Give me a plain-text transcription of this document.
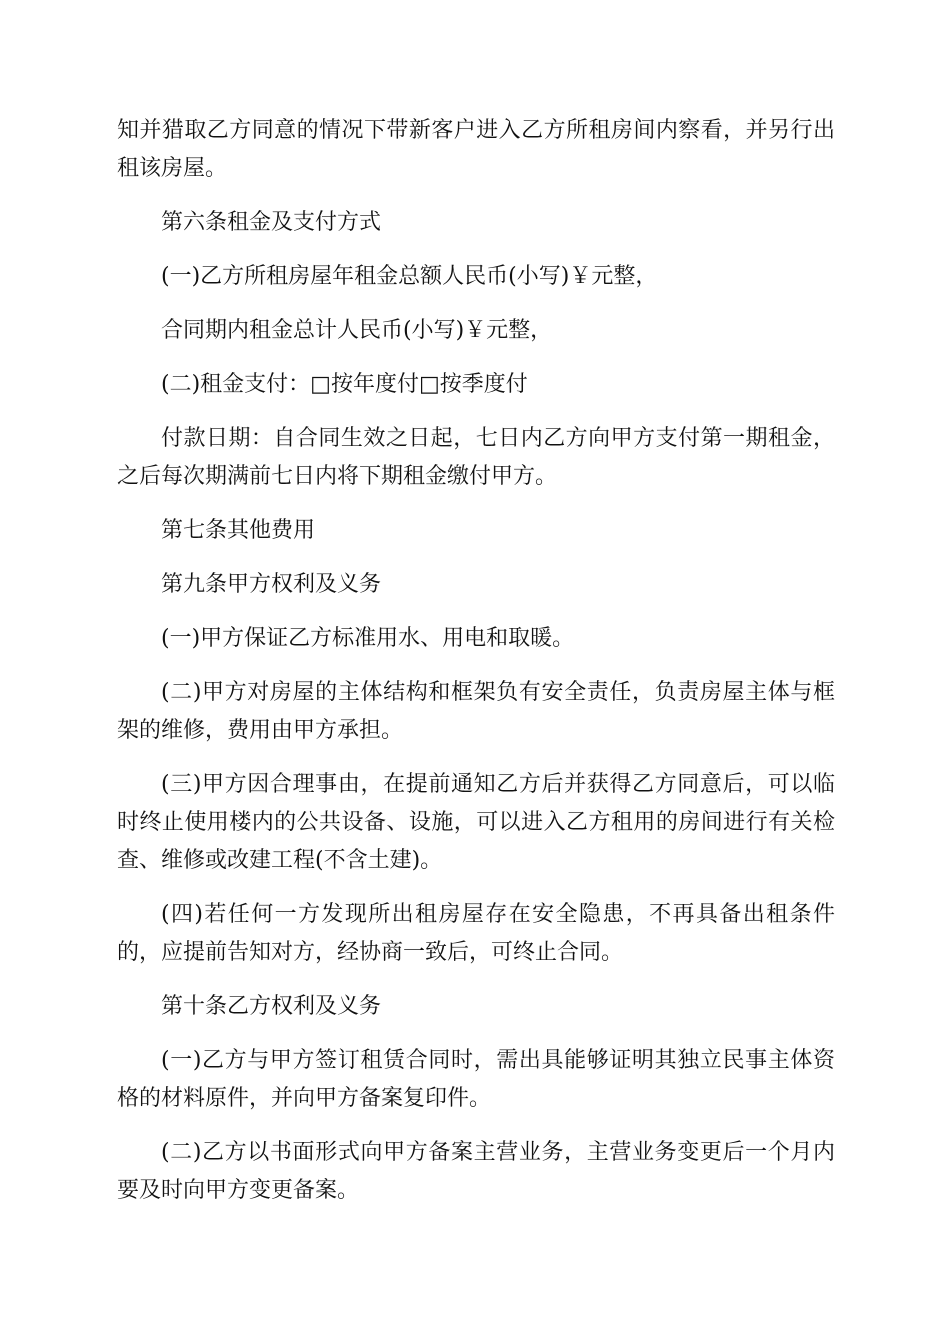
知并猎取乙方同意的情况下带新客户进入乙方所租房间内察看，并另行出租该房屋。

第六条租金及支付方式

(一)乙方所租房屋年租金总额人民币(小写)￥元整，

合同期内租金总计人民币(小写)￥元整，

(二)租金支付：□按年度付□按季度付

付款日期：自合同生效之日起，七日内乙方向甲方支付第一期租金，之后每次期满前七日内将下期租金缴付甲方。

第七条其他费用

第九条甲方权利及义务

(一)甲方保证乙方标准用水、用电和取暖。

(二)甲方对房屋的主体结构和框架负有安全责任，负责房屋主体与框架的维修，费用由甲方承担。

(三)甲方因合理事由，在提前通知乙方后并获得乙方同意后，可以临时终止使用楼内的公共设备、设施，可以进入乙方租用的房间进行有关检查、维修或改建工程(不含土建)。

(四)若任何一方发现所出租房屋存在安全隐患，不再具备出租条件的，应提前告知对方，经协商一致后，可终止合同。

第十条乙方权利及义务

(一)乙方与甲方签订租赁合同时，需出具能够证明其独立民事主体资格的材料原件，并向甲方备案复印件。

(二)乙方以书面形式向甲方备案主营业务，主营业务变更后一个月内要及时向甲方变更备案。
